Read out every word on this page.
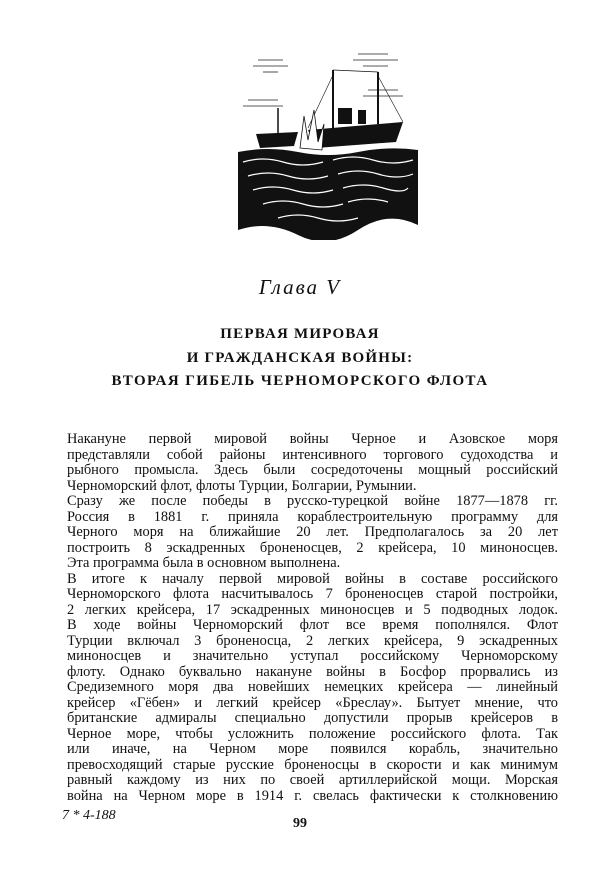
Глава V
ПЕРВАЯ МИРОВАЯ
И ГРАЖДАНСКАЯ ВОЙНЫ:
ВТОРАЯ ГИБЕЛЬ ЧЕРНОМОРСКОГО ФЛОТА
Накануне первой мировой войны Черное и Азовское моря
представляли собой районы интенсивного торгового судоходства и
рыбного промысла. Здесь были сосредоточены мощный российский
Черноморский флот, флоты Турции, Болгарии, Румынии.
Сразу же после победы в русско-турецкой войне 1877—1878 гг.
Россия в 1881 г. приняла кораблестроительную программу для
Черного моря на ближайшие 20 лет. Предполагалось за 20 лет
построить 8 эскадренных броненосцев, 2 крейсера, 10 миноносцев.
Эта программа была в основном выполнена.
В итоге к началу первой мировой войны в составе российского
Черноморского флота насчитывалось 7 броненосцев старой постройки,
2 легких крейсера, 17 эскадренных миноносцев и 5 подводных лодок.
В ходе войны Черноморский флот все время пополнялся. Флот
Турции включал 3 броненосца, 2 легких крейсера, 9 эскадренных
миноносцев и значительно уступал российскому Черноморскому
флоту. Однако буквально накануне войны в Босфор прорвались из
Средиземного моря два новейших немецких крейсера — линейный
крейсер «Гёбен» и легкий крейсер «Бреслау». Бытует мнение, что
британские адмиралы специально допустили прорыв крейсеров в
Черное море, чтобы усложнить положение российского флота. Так
или иначе, на Черном море появился корабль, значительно
превосходящий старые русские броненосцы в скорости и как минимум
равный каждому из них по своей артиллерийской мощи. Морская
война на Черном море в 1914 г. свелась фактически к столкновению
7 * 4-188
99
